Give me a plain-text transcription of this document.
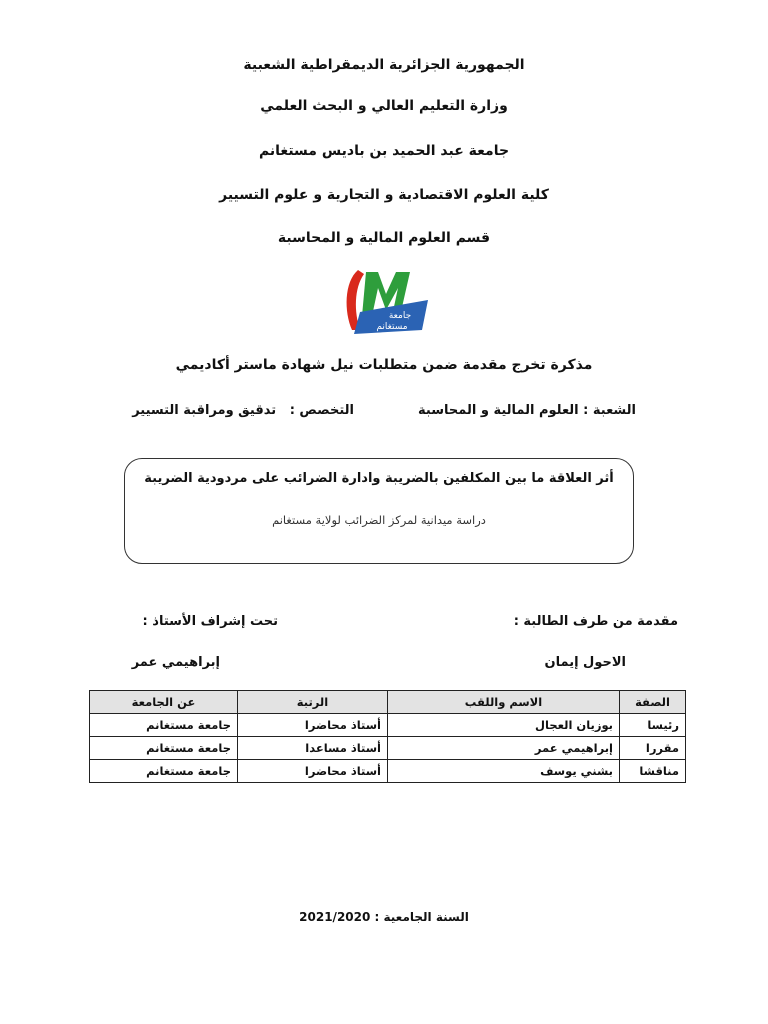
الجمهورية الجزائرية الديمقراطية الشعبية
وزارة التعليم العالي و البحث العلمي
جامعة عبد الحميد بن باديس مستغانم
كلية العلوم الاقتصادية و التجارية و علوم التسيير
قسم العلوم المالية و المحاسبة
جامعة
مستغانم
مذكرة تخرج مقدمة ضمن متطلبات نيل شهادة ماستر أكاديمي
الشعبة : العلوم المالية و المحاسبة
التخصص :   تدقيق ومراقبة التسيير
أثر العلاقة ما بين المكلفين بالضريبة وادارة الضرائب على مردودية الضريبة
دراسة ميدانية لمركز الضرائب لولاية مستغانم
مقدمة من طرف الطالبة :
تحت إشراف الأستاذ :
الاحول إيمان
إبراهيمي عمر
الصفة	الاسم واللقب	الرتبة	عن الجامعة
رئيسا	بوزيان العجال	أستاذ محاضرا	جامعة مستغانم
مقررا	إبراهيمي عمر	أستاذ مساعدا	جامعة مستغانم
مناقشا	بشني يوسف	أستاذ محاضرا	جامعة مستغانم
السنة الجامعية : 2021/2020
